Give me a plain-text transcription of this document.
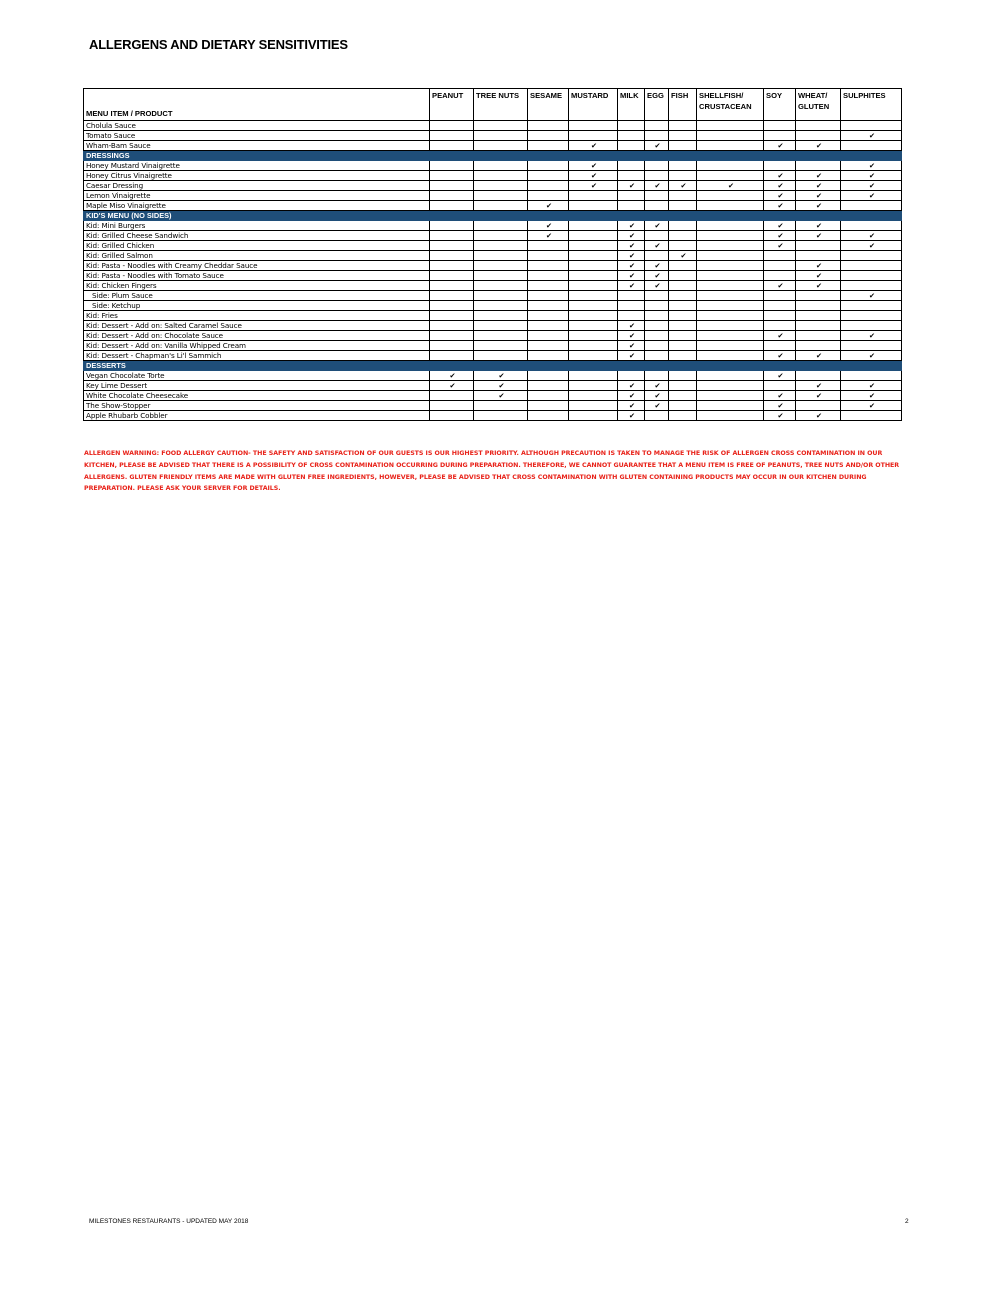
ALLERGENS AND DIETARY SENSITIVITIES
MENU ITEM / PRODUCT	PEANUT	TREE NUTS	SESAME	MUSTARD	MILK	EGG	FISH	SHELLFISH/ CRUSTACEAN	SOY	WHEAT/ GLUTEN	SULPHITES
Cholula Sauce											
Tomato Sauce											✔
Wham-Bam Sauce				✔		✔			✔	✔	
DRESSINGS											
Honey Mustard Vinaigrette				✔							✔
Honey Citrus Vinaigrette				✔					✔	✔	✔
Caesar Dressing				✔	✔	✔	✔	✔	✔	✔	✔
Lemon Vinaigrette									✔	✔	✔
Maple Miso Vinaigrette			✔						✔	✔	
KID'S MENU (NO SIDES)											
Kid: Mini Burgers			✔		✔	✔			✔	✔	
Kid: Grilled Cheese Sandwich			✔		✔				✔	✔	✔
Kid: Grilled Chicken					✔	✔			✔		✔
Kid: Grilled Salmon					✔		✔				
Kid: Pasta - Noodles with Creamy Cheddar Sauce					✔	✔				✔	
Kid: Pasta - Noodles with Tomato Sauce					✔	✔				✔	
Kid: Chicken Fingers					✔	✔			✔	✔	
Side: Plum Sauce											✔
Side: Ketchup											
Kid: Fries											
Kid: Dessert - Add on: Salted Caramel Sauce					✔						
Kid: Dessert - Add on: Chocolate Sauce					✔				✔		✔
Kid: Dessert - Add on: Vanilla Whipped Cream					✔						
Kid: Dessert - Chapman's Li'l Sammich					✔				✔	✔	✔
DESSERTS											
Vegan Chocolate Torte	✔	✔							✔		
Key Lime Dessert	✔	✔			✔	✔				✔	✔
White Chocolate Cheesecake		✔			✔	✔			✔	✔	✔
The Show-Stopper					✔	✔			✔		✔
Apple Rhubarb Cobbler					✔				✔	✔	
ALLERGEN WARNING: FOOD ALLERGY CAUTION- THE SAFETY AND SATISFACTION OF OUR GUESTS IS OUR HIGHEST PRIORITY. ALTHOUGH PRECAUTION IS TAKEN TO MANAGE THE RISK OF ALLERGEN CROSS CONTAMINATION IN OUR KITCHEN, PLEASE BE ADVISED THAT THERE IS A POSSIBILITY OF CROSS CONTAMINATION OCCURRING DURING PREPARATION. THEREFORE, WE CANNOT GUARANTEE THAT A MENU ITEM IS FREE OF PEANUTS, TREE NUTS AND/OR OTHER ALLERGENS. GLUTEN FRIENDLY ITEMS ARE MADE WITH GLUTEN FREE INGREDIENTS, HOWEVER, PLEASE BE ADVISED THAT CROSS CONTAMINATION WITH GLUTEN CONTAINING PRODUCTS MAY OCCUR IN OUR KITCHEN DURING PREPARATION. PLEASE ASK YOUR SERVER FOR DETAILS.
MILESTONES RESTAURANTS - UPDATED MAY 2018	2
